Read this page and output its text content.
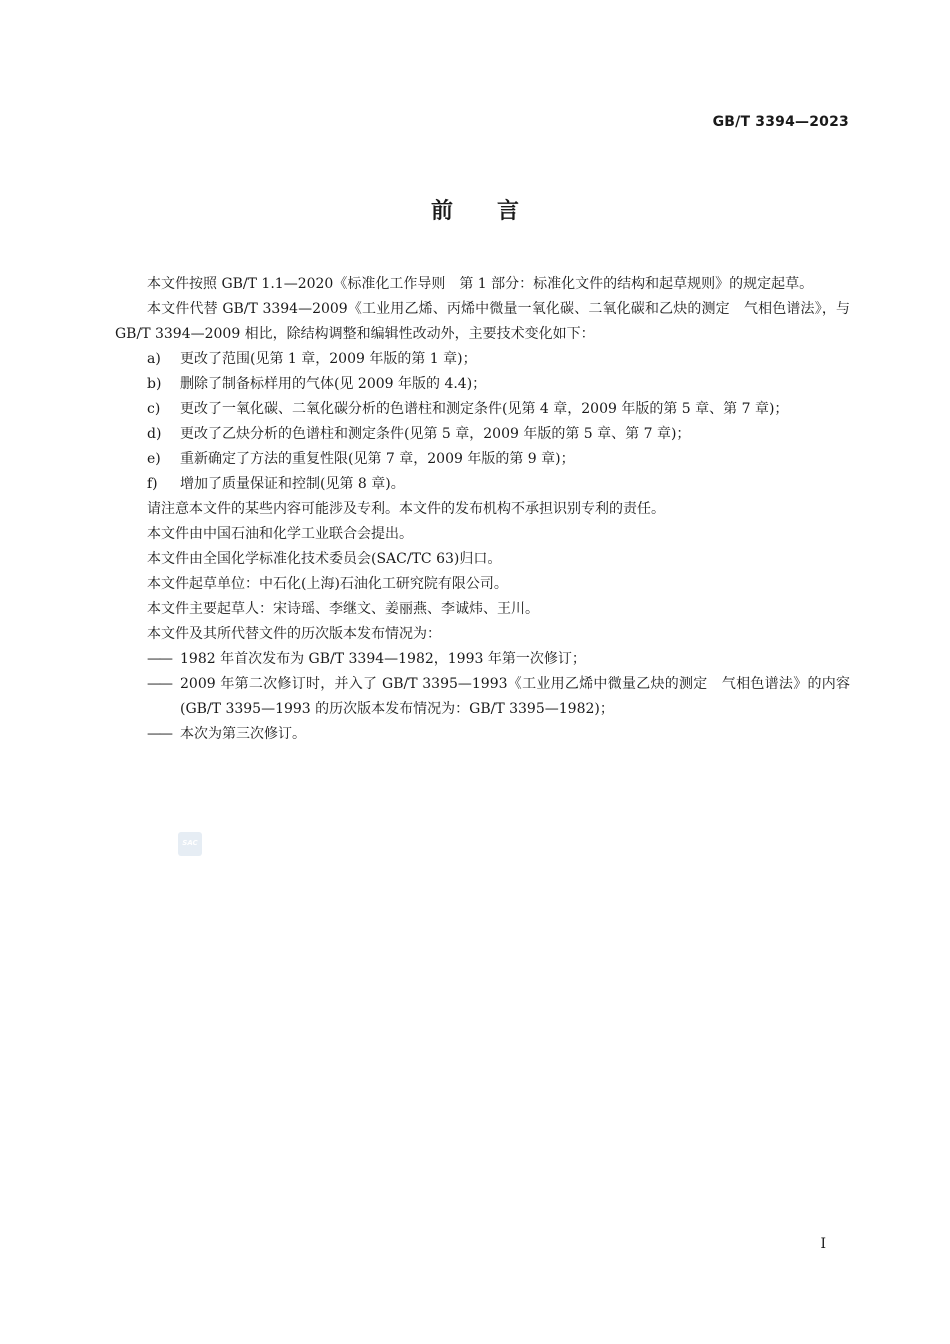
GB/T 3394—2023
前言
本文件按照 GB/T 1.1—2020《标准化工作导则　第 1 部分：标准化文件的结构和起草规则》的规定起草。
本文件代替 GB/T 3394—2009《工业用乙烯、丙烯中微量一氧化碳、二氧化碳和乙炔的测定　气相色谱法》，与 GB/T 3394—2009 相比，除结构调整和编辑性改动外，主要技术变化如下：
a)	更改了范围(见第 1 章，2009 年版的第 1 章)；
b)	删除了制备标样用的气体(见 2009 年版的 4.4)；
c)	更改了一氧化碳、二氧化碳分析的色谱柱和测定条件(见第 4 章，2009 年版的第 5 章、第 7 章)；
d)	更改了乙炔分析的色谱柱和测定条件(见第 5 章，2009 年版的第 5 章、第 7 章)；
e)	重新确定了方法的重复性限(见第 7 章，2009 年版的第 9 章)；
f)	增加了质量保证和控制(见第 8 章)。
请注意本文件的某些内容可能涉及专利。本文件的发布机构不承担识别专利的责任。
本文件由中国石油和化学工业联合会提出。
本文件由全国化学标准化技术委员会(SAC/TC 63)归口。
本文件起草单位：中石化(上海)石油化工研究院有限公司。
本文件主要起草人：宋诗瑶、李继文、姜丽燕、李诚炜、王川。
本文件及其所代替文件的历次版本发布情况为：
—— 1982 年首次发布为 GB/T 3394—1982，1993 年第一次修订；
—— 2009 年第二次修订时，并入了 GB/T 3395—1993《工业用乙烯中微量乙炔的测定　气相色谱法》的内容(GB/T 3395—1993 的历次版本发布情况为：GB/T 3395—1982)；
—— 本次为第三次修订。
SAC
I
